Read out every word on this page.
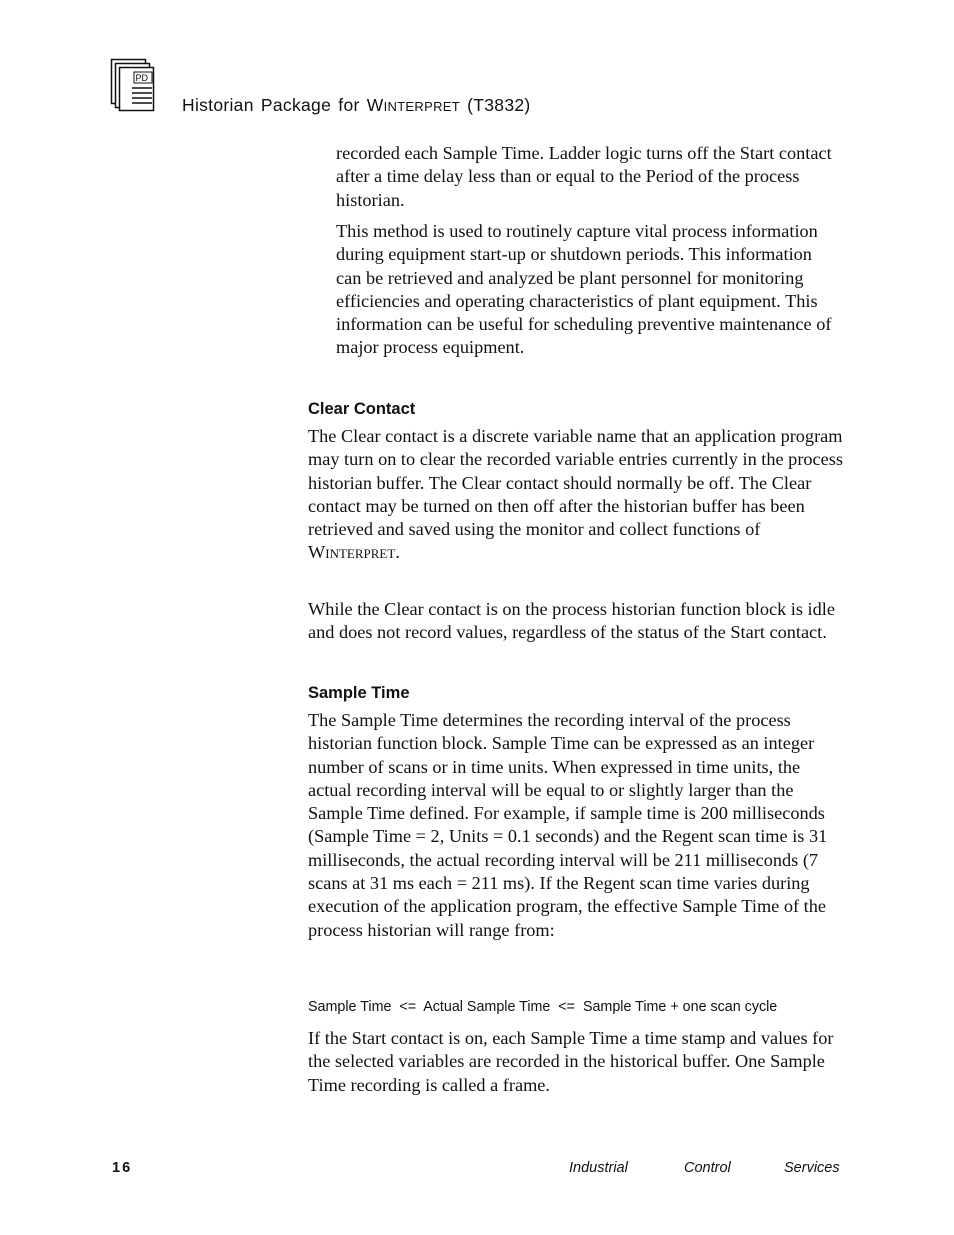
PD
Historian Package for WINTERPRET (T3832)

recorded each Sample Time. Ladder logic turns off the Start contact after a time delay less than or equal to the Period of the process historian.

This method is used to routinely capture vital process information during equipment start-up or shutdown periods. This information can be retrieved and analyzed be plant personnel for monitoring efficiencies and operating characteristics of plant equipment. This information can be useful for scheduling preventive maintenance of major process equipment.

Clear Contact

The Clear contact is a discrete variable name that an application program may turn on to clear the recorded variable entries currently in the process historian buffer. The Clear contact should normally be off. The Clear contact may be turned on then off after the historian buffer has been retrieved and saved using the monitor and collect functions of
WINTERPRET.

While the Clear contact is on the process historian function block is idle and does not record values, regardless of the status of the Start contact.

Sample Time

The Sample Time determines the recording interval of the process historian function block. Sample Time can be expressed as an integer number of scans or in time units. When expressed in time units, the actual recording interval will be equal to or slightly larger than the Sample Time defined. For example, if sample time is 200 milliseconds (Sample Time = 2, Units = 0.1 seconds) and the Regent scan time is 31 milliseconds, the actual recording interval will be 211 milliseconds (7 scans at 31 ms each = 211 ms). If the Regent scan time varies during execution of the application program, the effective Sample Time of the process historian will range from:

Sample Time  <=  Actual Sample Time  <=  Sample Time + one scan cycle

If the Start contact is on, each Sample Time a time stamp and values for the selected variables are recorded in the historical buffer. One Sample Time recording is called a frame.

16	Industrial	Control	Services
